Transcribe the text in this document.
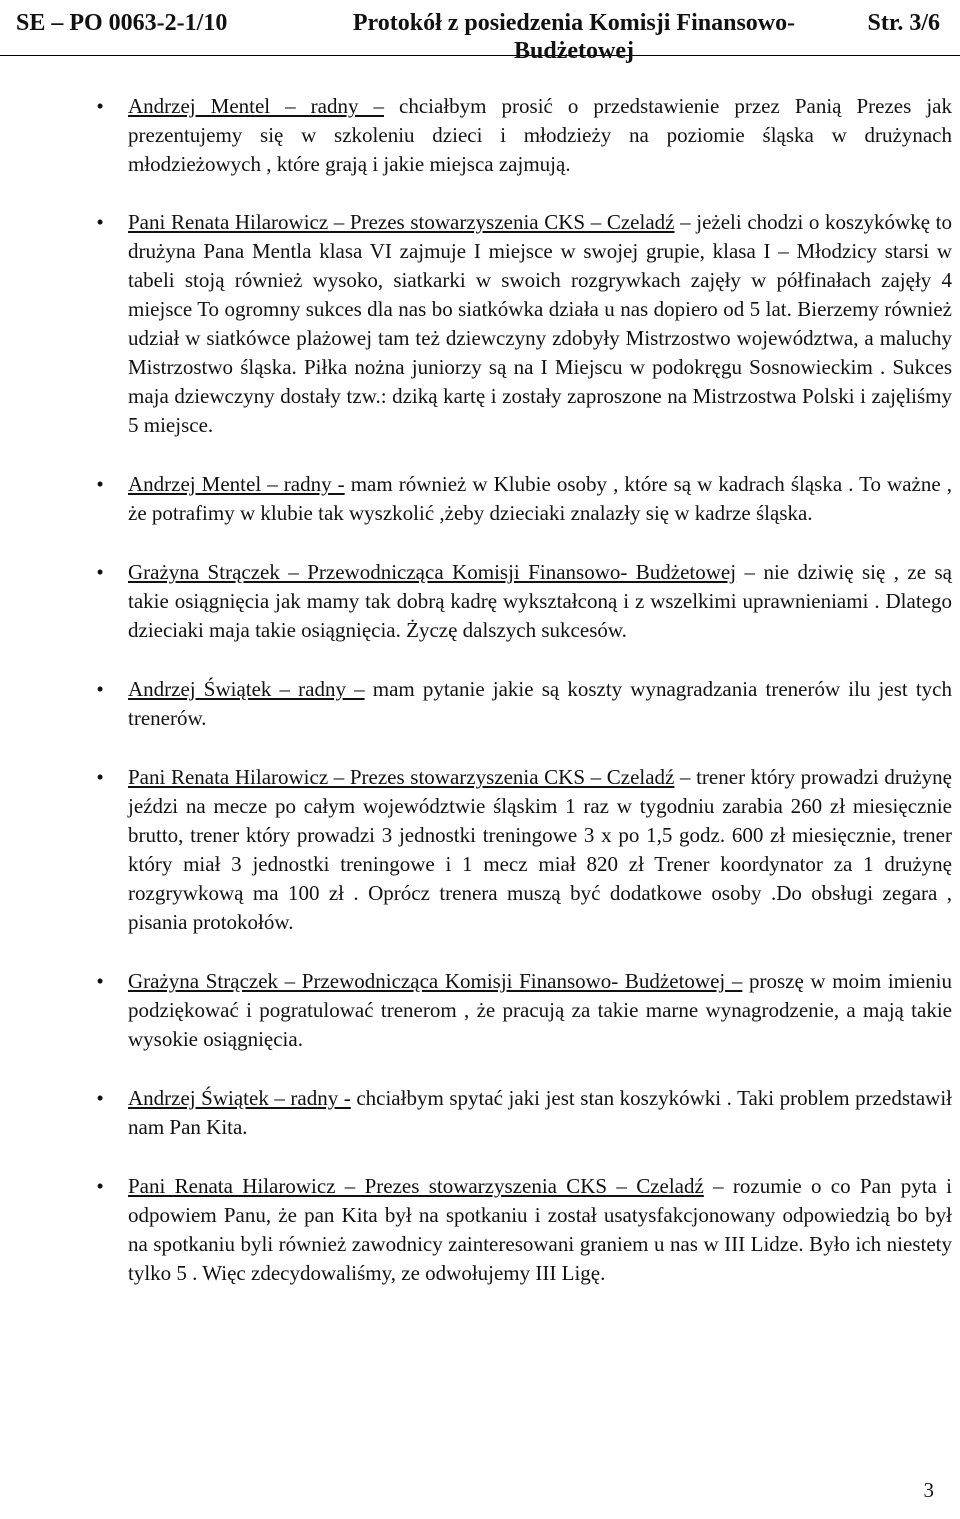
SE – PO 0063-2-1/10	Protokół z posiedzenia Komisji Finansowo-Budżetowej
Str. 3/6
•	Andrzej Mentel – radny – chciałbym prosić o przedstawienie przez Panią Prezes jak prezentujemy się w szkoleniu dzieci i młodzieży na poziomie śląska w drużynach młodzieżowych , które grają i jakie miejsca zajmują.
•	Pani Renata Hilarowicz – Prezes stowarzyszenia CKS – Czeladź – jeżeli chodzi o koszykówkę to drużyna Pana Mentla klasa VI zajmuje I miejsce w swojej grupie, klasa I – Młodzicy starsi w tabeli stoją również wysoko, siatkarki w swoich rozgrywkach zajęły w półfinałach zajęły 4 miejsce To ogromny sukces dla nas bo siatkówka działa u nas dopiero od 5 lat. Bierzemy również udział w siatkówce plażowej tam też dziewczyny zdobyły Mistrzostwo województwa, a maluchy Mistrzostwo śląska. Piłka nożna juniorzy są na I Miejscu w podokręgu Sosnowieckim . Sukces maja dziewczyny dostały tzw.: dziką kartę i zostały zaproszone na Mistrzostwa Polski i zajęliśmy 5 miejsce.
•	Andrzej Mentel – radny - mam również w Klubie osoby , które są w kadrach śląska . To ważne , że potrafimy w klubie tak wyszkolić ,żeby dzieciaki znalazły się w kadrze śląska.
•	Grażyna Strączek – Przewodnicząca Komisji Finansowo- Budżetowej – nie dziwię się , ze są takie osiągnięcia jak mamy tak dobrą kadrę wykształconą i z wszelkimi uprawnieniami . Dlatego dzieciaki maja takie osiągnięcia. Życzę dalszych sukcesów.
•	Andrzej Świątek – radny – mam pytanie jakie są koszty wynagradzania trenerów ilu jest tych trenerów.
•	Pani Renata Hilarowicz – Prezes stowarzyszenia CKS – Czeladź – trener który prowadzi drużynę jeździ na mecze po całym województwie śląskim 1 raz w tygodniu zarabia 260 zł miesięcznie brutto, trener który prowadzi 3 jednostki treningowe 3 x po 1,5 godz. 600 zł miesięcznie, trener który miał 3 jednostki treningowe i 1 mecz miał 820 zł Trener koordynator za 1 drużynę rozgrywkową ma 100 zł . Oprócz trenera muszą być dodatkowe osoby .Do obsługi zegara , pisania protokołów.
•	Grażyna Strączek – Przewodnicząca Komisji Finansowo- Budżetowej – proszę w moim imieniu podziękować i pogratulować trenerom , że pracują za takie marne wynagrodzenie, a mają takie wysokie osiągnięcia.
•	Andrzej Świątek – radny - chciałbym spytać jaki jest stan koszykówki . Taki problem przedstawił nam Pan Kita.
•	Pani Renata Hilarowicz – Prezes stowarzyszenia CKS – Czeladź – rozumie o co Pan pyta i odpowiem Panu, że pan Kita był na spotkaniu i został usatysfakcjonowany odpowiedzią bo był na spotkaniu byli również zawodnicy zainteresowani graniem u nas w III Lidze. Było ich niestety tylko 5 . Więc zdecydowaliśmy, ze odwołujemy III Ligę.
3
